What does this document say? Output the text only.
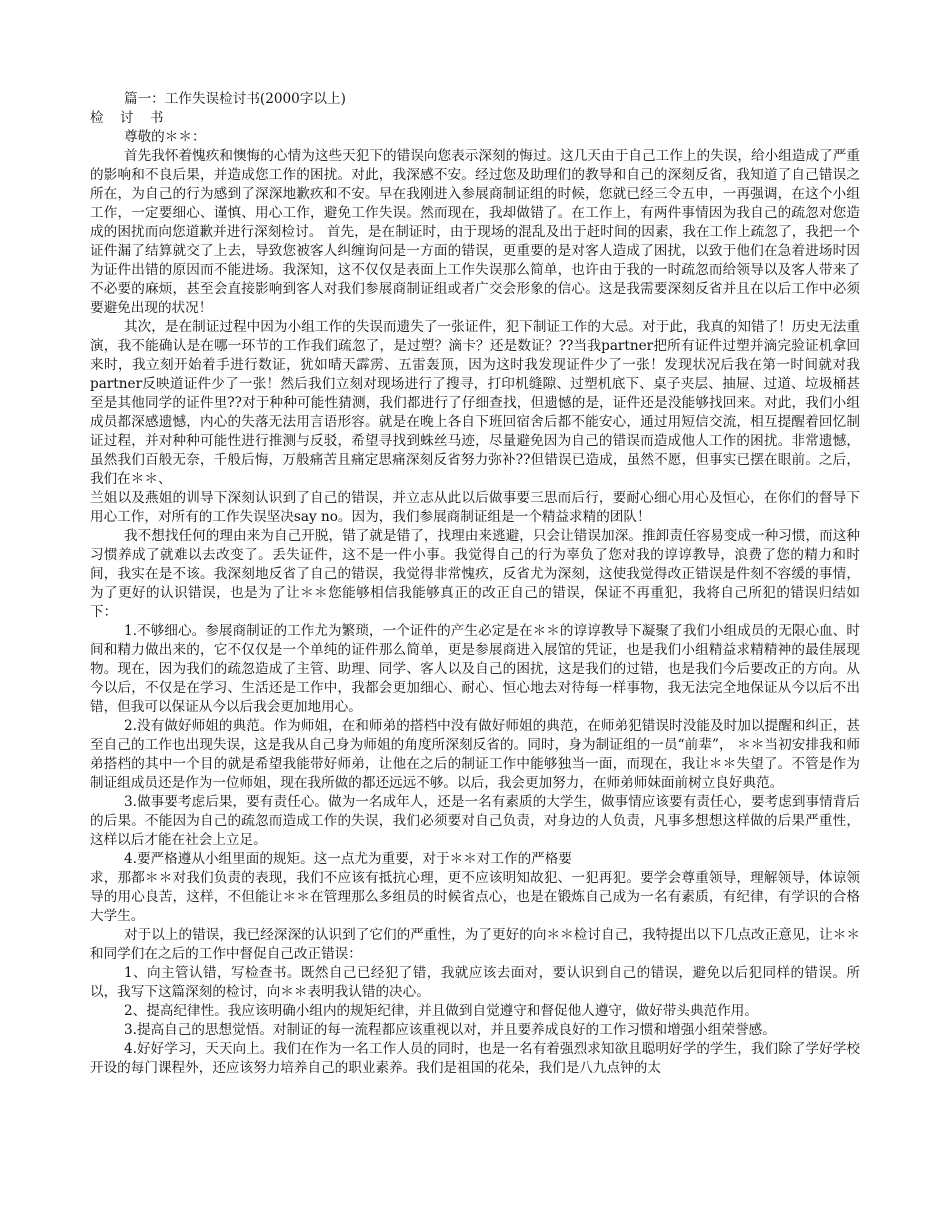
篇一：工作失误检讨书(2000字以上)

检 讨 书

尊敬的＊＊：

首先我怀着愧疚和懊悔的心情为这些天犯下的错误向您表示深刻的悔过。这几天由于自己工作上的失误，给小组造成了严重的影响和不良后果，并造成您工作的困扰。对此，我深感不安。经过您及助理们的教导和自己的深刻反省，我知道了自己错误之所在，为自己的行为感到了深深地歉疚和不安。早在我刚进入参展商制证组的时候，您就已经三令五申，一再强调，在这个小组工作，一定要细心、谨慎、用心工作，避免工作失误。然而现在，我却做错了。在工作上，有两件事情因为我自己的疏忽对您造成的困扰而向您道歉并进行深刻检讨。 首先，是在制证时，由于现场的混乱及出于赶时间的因素，我在工作上疏忽了，我把一个证件漏了结算就交了上去，导致您被客人纠缠询问是一方面的错误，更重要的是对客人造成了困扰，以致于他们在急着进场时因为证件出错的原因而不能进场。我深知，这不仅仅是表面上工作失误那么简单，也许由于我的一时疏忽而给领导以及客人带来了不必要的麻烦，甚至会直接影响到客人对我们参展商制证组或者广交会形象的信心。这是我需要深刻反省并且在以后工作中必须要避免出现的状况！

其次，是在制证过程中因为小组工作的失误而遗失了一张证件，犯下制证工作的大忌。对于此，我真的知错了！历史无法重演，我不能确认是在哪一环节的工作我们疏忽了，是过塑？滴卡？还是数证？??当我partner把所有证件过塑并滴完验证机拿回来时，我立刻开始着手进行数证，犹如晴天霹雳、五雷轰顶，因为这时我发现证件少了一张！发现状况后我在第一时间就对我partner反映道证件少了一张！然后我们立刻对现场进行了搜寻，打印机缝隙、过塑机底下、桌子夹层、抽屉、过道、垃圾桶甚至是其他同学的证件里??对于种种可能性猜测，我们都进行了仔细查找，但遗憾的是，证件还是没能够找回来。对此，我们小组成员都深感遗憾，内心的失落无法用言语形容。就是在晚上各自下班回宿舍后都不能安心，通过用短信交流，相互提醒着回忆制证过程，并对种种可能性进行推测与反驳，希望寻找到蛛丝马迹，尽量避免因为自己的错误而造成他人工作的困扰。非常遗憾，虽然我们百般无奈，千般后悔，万般痛苦且痛定思痛深刻反省努力弥补??但错误已造成，虽然不愿，但事实已摆在眼前。之后，我们在＊＊、

兰姐以及燕姐的训导下深刻认识到了自己的错误，并立志从此以后做事要三思而后行，要耐心细心用心及恒心，在你们的督导下用心工作，对所有的工作失误坚决say no。因为，我们参展商制证组是一个精益求精的团队！

我不想找任何的理由来为自己开脱，错了就是错了，找理由来逃避，只会让错误加深。推卸责任容易变成一种习惯，而这种习惯养成了就难以去改变了。丢失证件，这不是一件小事。我觉得自己的行为辜负了您对我的谆谆教导，浪费了您的精力和时间，我实在是不该。我深刻地反省了自己的错误，我觉得非常愧疚，反省尤为深刻，这使我觉得改正错误是件刻不容缓的事情，为了更好的认识错误，也是为了让＊＊您能够相信我能够真正的改正自己的错误，保证不再重犯，我将自己所犯的错误归结如下：

1.不够细心。参展商制证的工作尤为繁琐，一个证件的产生必定是在＊＊的谆谆教导下凝聚了我们小组成员的无限心血、时间和精力做出来的，它不仅仅是一个单纯的证件那么简单，更是参展商进入展馆的凭证，也是我们小组精益求精精神的最佳展现物。现在，因为我们的疏忽造成了主管、助理、同学、客人以及自己的困扰，这是我们的过错，也是我们今后要改正的方向。从今以后，不仅是在学习、生活还是工作中，我都会更加细心、耐心、恒心地去对待每一样事物，我无法完全地保证从今以后不出错，但我可以保证从今以后我会更加地用心。

2.没有做好师姐的典范。作为师姐，在和师弟的搭档中没有做好师姐的典范，在师弟犯错误时没能及时加以提醒和纠正，甚至自己的工作也出现失误，这是我从自己身为师姐的角度所深刻反省的。同时，身为制证组的一员“前辈”， ＊＊当初安排我和师弟搭档的其中一个目的就是希望我能带好师弟，让他在之后的制证工作中能够独当一面，而现在，我让＊＊失望了。不管是作为制证组成员还是作为一位师姐，现在我所做的都还远远不够。以后，我会更加努力，在师弟师妹面前树立良好典范。

3.做事要考虑后果，要有责任心。做为一名成年人，还是一名有素质的大学生，做事情应该要有责任心，要考虑到事情背后的后果。不能因为自己的疏忽而造成工作的失误，我们必须要对自己负责，对身边的人负责，凡事多想想这样做的后果严重性，这样以后才能在社会上立足。

4.要严格遵从小组里面的规矩。这一点尤为重要，对于＊＊对工作的严格要

求，那都＊＊对我们负责的表现，我们不应该有抵抗心理，更不应该明知故犯、一犯再犯。要学会尊重领导，理解领导，体谅领导的用心良苦，这样，不但能让＊＊在管理那么多组员的时候省点心，也是在锻炼自己成为一名有素质，有纪律，有学识的合格大学生。

对于以上的错误，我已经深深的认识到了它们的严重性，为了更好的向＊＊检讨自己，我特提出以下几点改正意见，让＊＊和同学们在之后的工作中督促自己改正错误：

1、向主管认错，写检查书。既然自己已经犯了错，我就应该去面对，要认识到自己的错误，避免以后犯同样的错误。所以，我写下这篇深刻的检讨，向＊＊表明我认错的决心。

2、提高纪律性。我应该明确小组内的规矩纪律，并且做到自觉遵守和督促他人遵守，做好带头典范作用。

3.提高自己的思想觉悟。对制证的每一流程都应该重视以对，并且要养成良好的工作习惯和增强小组荣誉感。

4.好好学习，天天向上。我们在作为一名工作人员的同时，也是一名有着强烈求知欲且聪明好学的学生，我们除了学好学校开设的每门课程外，还应该努力培养自己的职业素养。我们是祖国的花朵，我们是八九点钟的太
